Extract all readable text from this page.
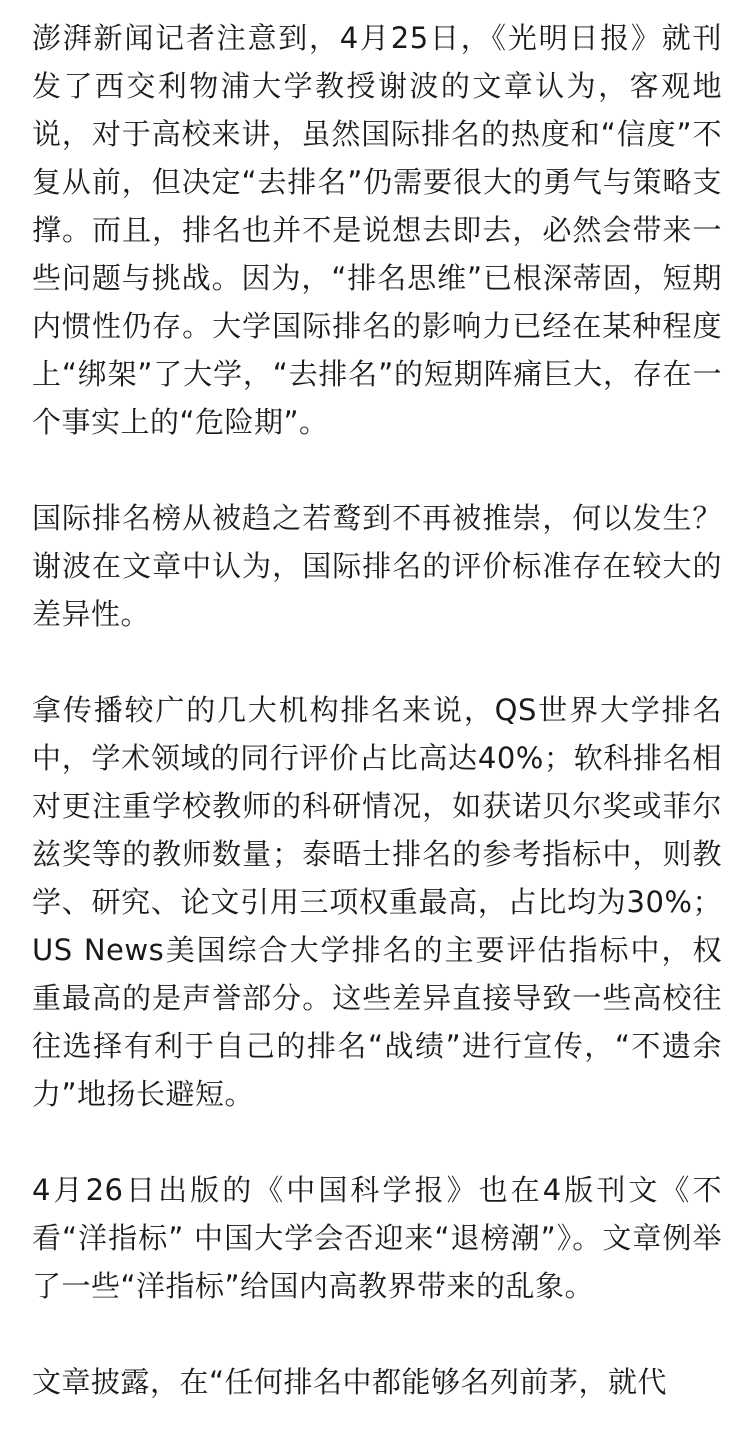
澎湃新闻记者注意到，4月25日，《光明日报》就刊发了西交利物浦大学教授谢波的文章认为，客观地说，对于高校来讲，虽然国际排名的热度和“信度”不复从前，但决定“去排名”仍需要很大的勇气与策略支撑。而且，排名也并不是说想去即去，必然会带来一些问题与挑战。因为，“排名思维”已根深蒂固，短期内惯性仍存。大学国际排名的影响力已经在某种程度上“绑架”了大学，“去排名”的短期阵痛巨大，存在一个事实上的“危险期”。

国际排名榜从被趋之若鹜到不再被推崇，何以发生？谢波在文章中认为，国际排名的评价标准存在较大的差异性。

拿传播较广的几大机构排名来说，QS世界大学排名中，学术领域的同行评价占比高达40%；软科排名相对更注重学校教师的科研情况，如获诺贝尔奖或菲尔兹奖等的教师数量；泰晤士排名的参考指标中，则教学、研究、论文引用三项权重最高，占比均为30%；US News美国综合大学排名的主要评估指标中，权重最高的是声誉部分。这些差异直接导致一些高校往往选择有利于自己的排名“战绩”进行宣传，“不遗余力”地扬长避短。

4月26日出版的《中国科学报》也在4版刊文《不看“洋指标” 中国大学会否迎来“退榜潮”》。文章例举了一些“洋指标”给国内高教界带来的乱象。

文章披露，在“任何排名中都能够名列前茅，就代
